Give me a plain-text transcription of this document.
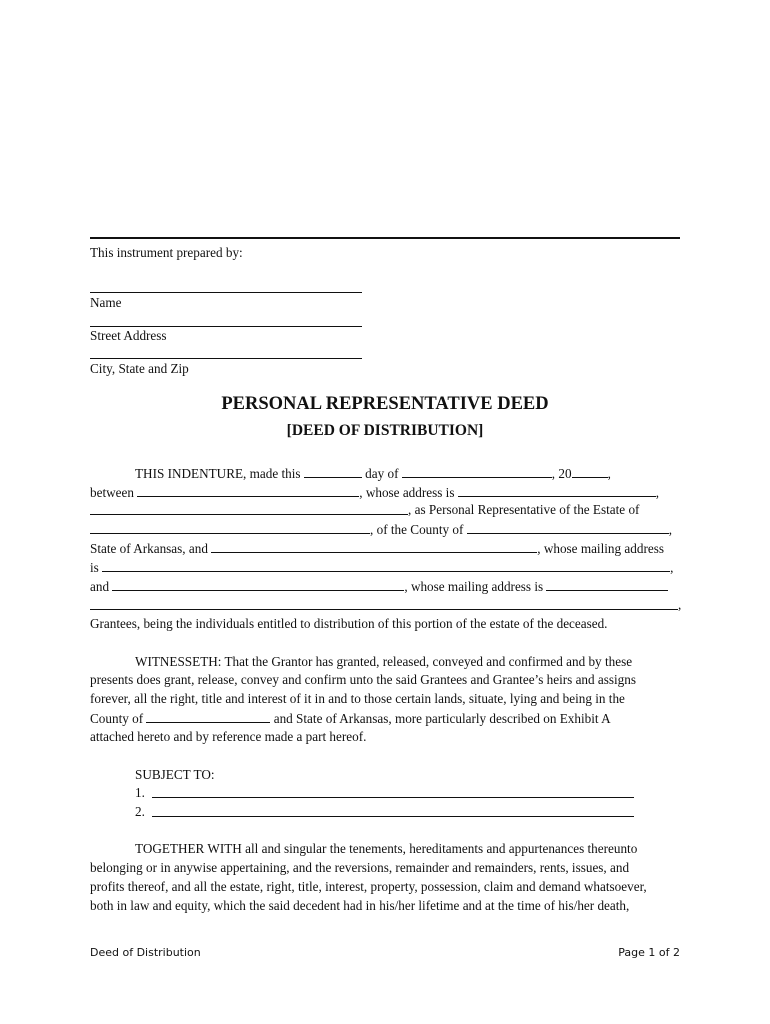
This instrument prepared by:
Name
Street Address
City, State and Zip
PERSONAL REPRESENTATIVE DEED
[DEED OF DISTRIBUTION]
THIS INDENTURE, made this	day of	, 20	,
between	, whose address is	,
, as Personal Representative of the Estate of
, of the County of	,
State of Arkansas, and	, whose mailing address
is	,
and	, whose mailing address is
,
Grantees, being the individuals entitled to distribution of this portion of the estate of the deceased.
WITNESSETH: That the Grantor has granted, released, conveyed and confirmed and by these
presents does grant, release, convey and confirm unto the said Grantees and Grantee’s heirs and assigns
forever, all the right, title and interest of it in and to those certain lands, situate, lying and being in the
County of	and State of Arkansas, more particularly described on Exhibit A
attached hereto and by reference made a part hereof.
SUBJECT TO:
1.
2.
TOGETHER WITH all and singular the tenements, hereditaments and appurtenances thereunto
belonging or in anywise appertaining, and the reversions, remainder and remainders, rents, issues, and
profits thereof, and all the estate, right, title, interest, property, possession, claim and demand whatsoever,
both in law and equity, which the said decedent had in his/her lifetime and at the time of his/her death,
Deed of Distribution	Page 1 of 2
